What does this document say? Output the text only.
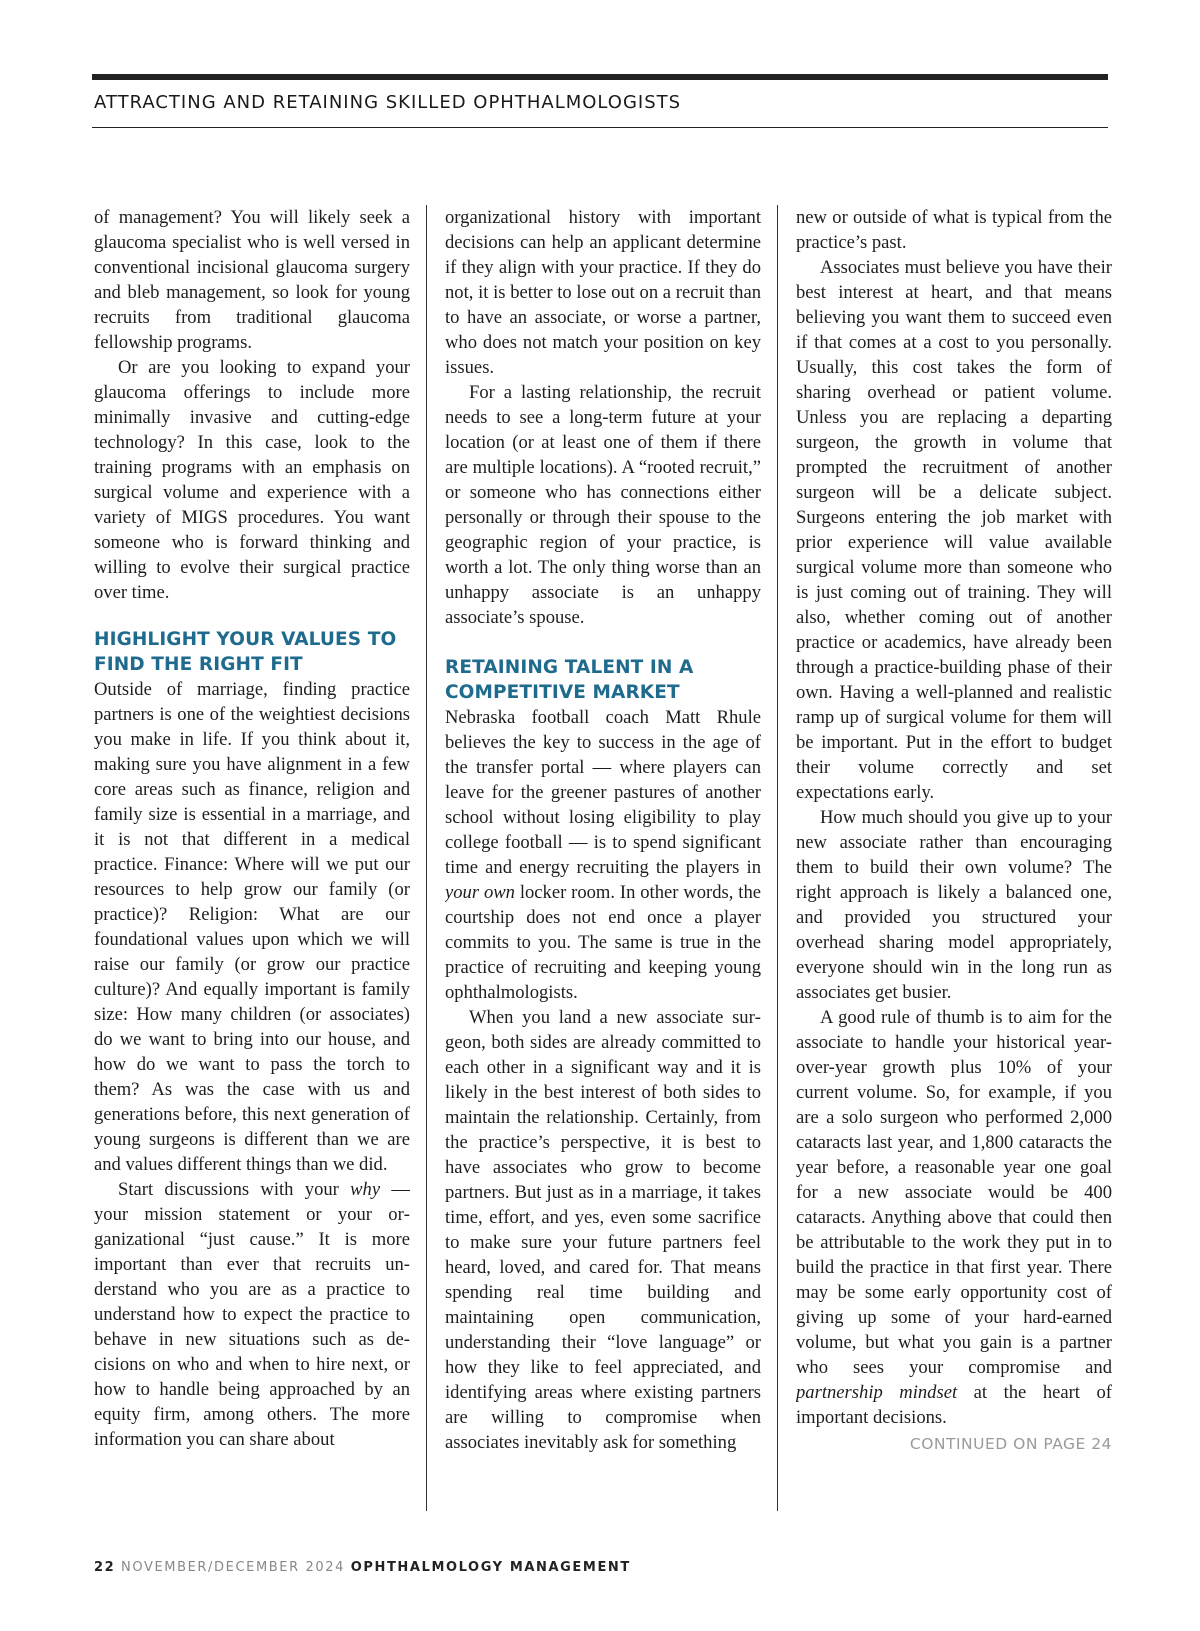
ATTRACTING AND RETAINING SKILLED OPHTHALMOLOGISTS

of management? You will likely seek a glaucoma specialist who is well versed in conventional incisional glaucoma surgery and bleb management, so look for young recruits from traditional glaucoma fellowship programs.

Or are you looking to expand your glaucoma offerings to include more minimally invasive and cutting-edge technology? In this case, look to the training programs with an emphasis on surgical volume and experience with a variety of MIGS procedures. You want someone who is forward thinking and willing to evolve their surgical practice over time.

HIGHLIGHT YOUR VALUES TO FIND THE RIGHT FIT

Outside of marriage, finding practice partners is one of the weightiest decisions you make in life. If you think about it, making sure you have alignment in a few core areas such as finance, religion and family size is essential in a marriage, and it is not that different in a medical practice. Finance: Where will we put our resources to help grow our family (or practice)? Religion: What are our foundational values upon which we will raise our family (or grow our practice culture)? And equally important is family size: How many children (or associates) do we want to bring into our house, and how do we want to pass the torch to them? As was the case with us and generations before, this next generation of young surgeons is different than we are and values different things than we did.

Start discussions with your why —your mission statement or your organizational “just cause.” It is more important than ever that recruits understand who you are as a practice to understand how to expect the practice to behave in new situations such as decisions on who and when to hire next, or how to handle being approached by an equity firm, among others. The more information you can share about

organizational history with important decisions can help an applicant determine if they align with your practice. If they do not, it is better to lose out on a recruit than to have an associate, or worse a partner, who does not match your position on key issues.

For a lasting relationship, the recruit needs to see a long-term future at your location (or at least one of them if there are multiple locations). A “rooted recruit,” or someone who has connections either personally or through their spouse to the geographic region of your practice, is worth a lot. The only thing worse than an unhappy associate is an unhappy associate’s spouse.

RETAINING TALENT IN A COMPETITIVE MARKET

Nebraska football coach Matt Rhule believes the key to success in the age of the transfer portal — where players can leave for the greener pastures of another school without losing eligibility to play college football — is to spend significant time and energy recruiting the players in your own locker room. In other words, the courtship does not end once a player commits to you. The same is true in the practice of recruiting and keeping young ophthalmologists.

When you land a new associate surgeon, both sides are already committed to each other in a significant way and it is likely in the best interest of both sides to maintain the relationship. Certainly, from the practice’s perspective, it is best to have associates who grow to become partners. But just as in a marriage, it takes time, effort, and yes, even some sacrifice to make sure your future partners feel heard, loved, and cared for. That means spending real time building and maintaining open communication, understanding their “love language” or how they like to feel appreciated, and identifying areas where existing partners are willing to compromise when associates inevitably ask for something

new or outside of what is typical from the practice’s past.

Associates must believe you have their best interest at heart, and that means believing you want them to succeed even if that comes at a cost to you personally. Usually, this cost takes the form of sharing overhead or patient volume. Unless you are replacing a departing surgeon, the growth in volume that prompted the recruitment of another surgeon will be a delicate subject. Surgeons entering the job market with prior experience will value available surgical volume more than someone who is just coming out of training. They will also, whether coming out of another practice or academics, have already been through a practice-building phase of their own. Having a well-planned and realistic ramp up of surgical volume for them will be important. Put in the effort to budget their volume correctly and set expectations early.

How much should you give up to your new associate rather than encouraging them to build their own volume? The right approach is likely a balanced one, and provided you structured your overhead sharing model appropriately, everyone should win in the long run as associates get busier.

A good rule of thumb is to aim for the associate to handle your historical year-over-year growth plus 10% of your current volume. So, for example, if you are a solo surgeon who performed 2,000 cataracts last year, and 1,800 cataracts the year before, a reasonable year one goal for a new associate would be 400 cataracts. Anything above that could then be attributable to the work they put in to build the practice in that first year. There may be some early opportunity cost of giving up some of your hard-earned volume, but what you gain is a partner who sees your compromise and partnership mindset at the heart of important decisions.

CONTINUED ON PAGE 24
22 NOVEMBER/DECEMBER 2024 OPHTHALMOLOGY MANAGEMENT
